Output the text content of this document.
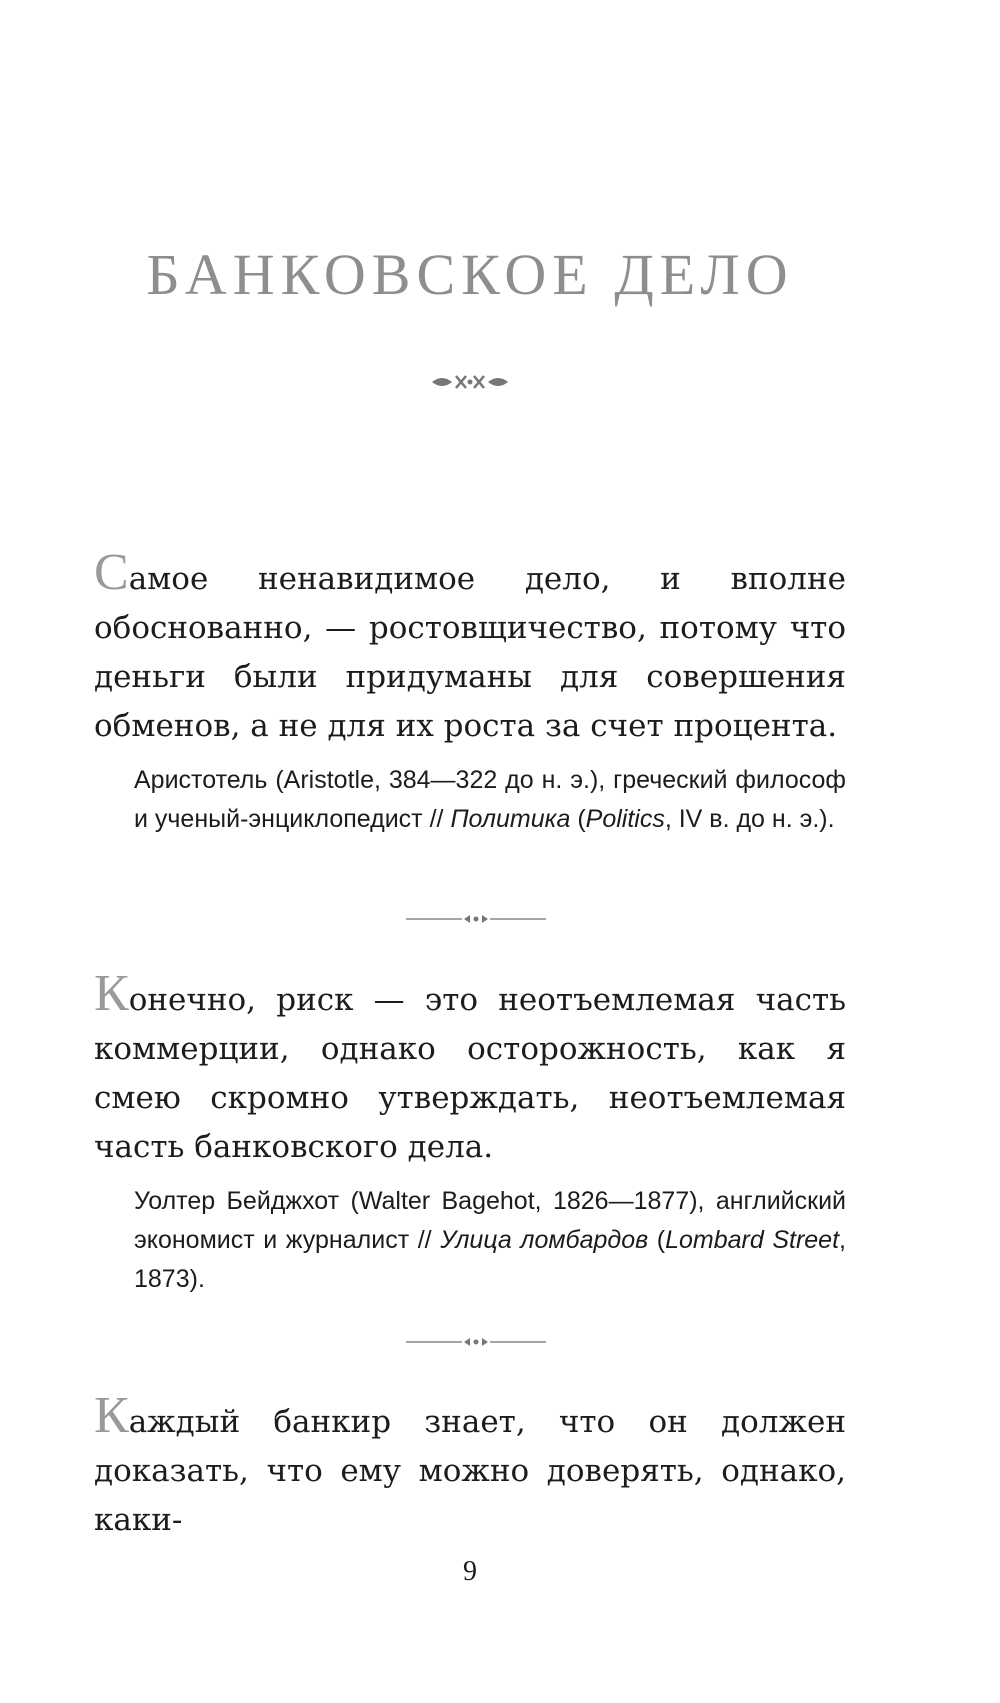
БАНКОВСКОЕ ДЕЛО

Самое ненавидимое дело, и вполне обоснованно, — ростовщичество, потому что деньги были придуманы для совершения обменов, а не для их роста за счет процента.

Аристотель (Aristotle, 384—322 до н. э.), греческий философ и ученый-энциклопедист // Политика (Politics, IV в. до н. э.).

Конечно, риск — это неотъемлемая часть коммерции, однако осторожность, как я смею скромно утверждать, неотъемлемая часть банковского дела.

Уолтер Бейджхот (Walter Bagehot, 1826—1877), английский экономист и журналист // Улица ломбардов (Lombard Street, 1873).

Каждый банкир знает, что он должен доказать, что ему можно доверять, однако, каки-

9
